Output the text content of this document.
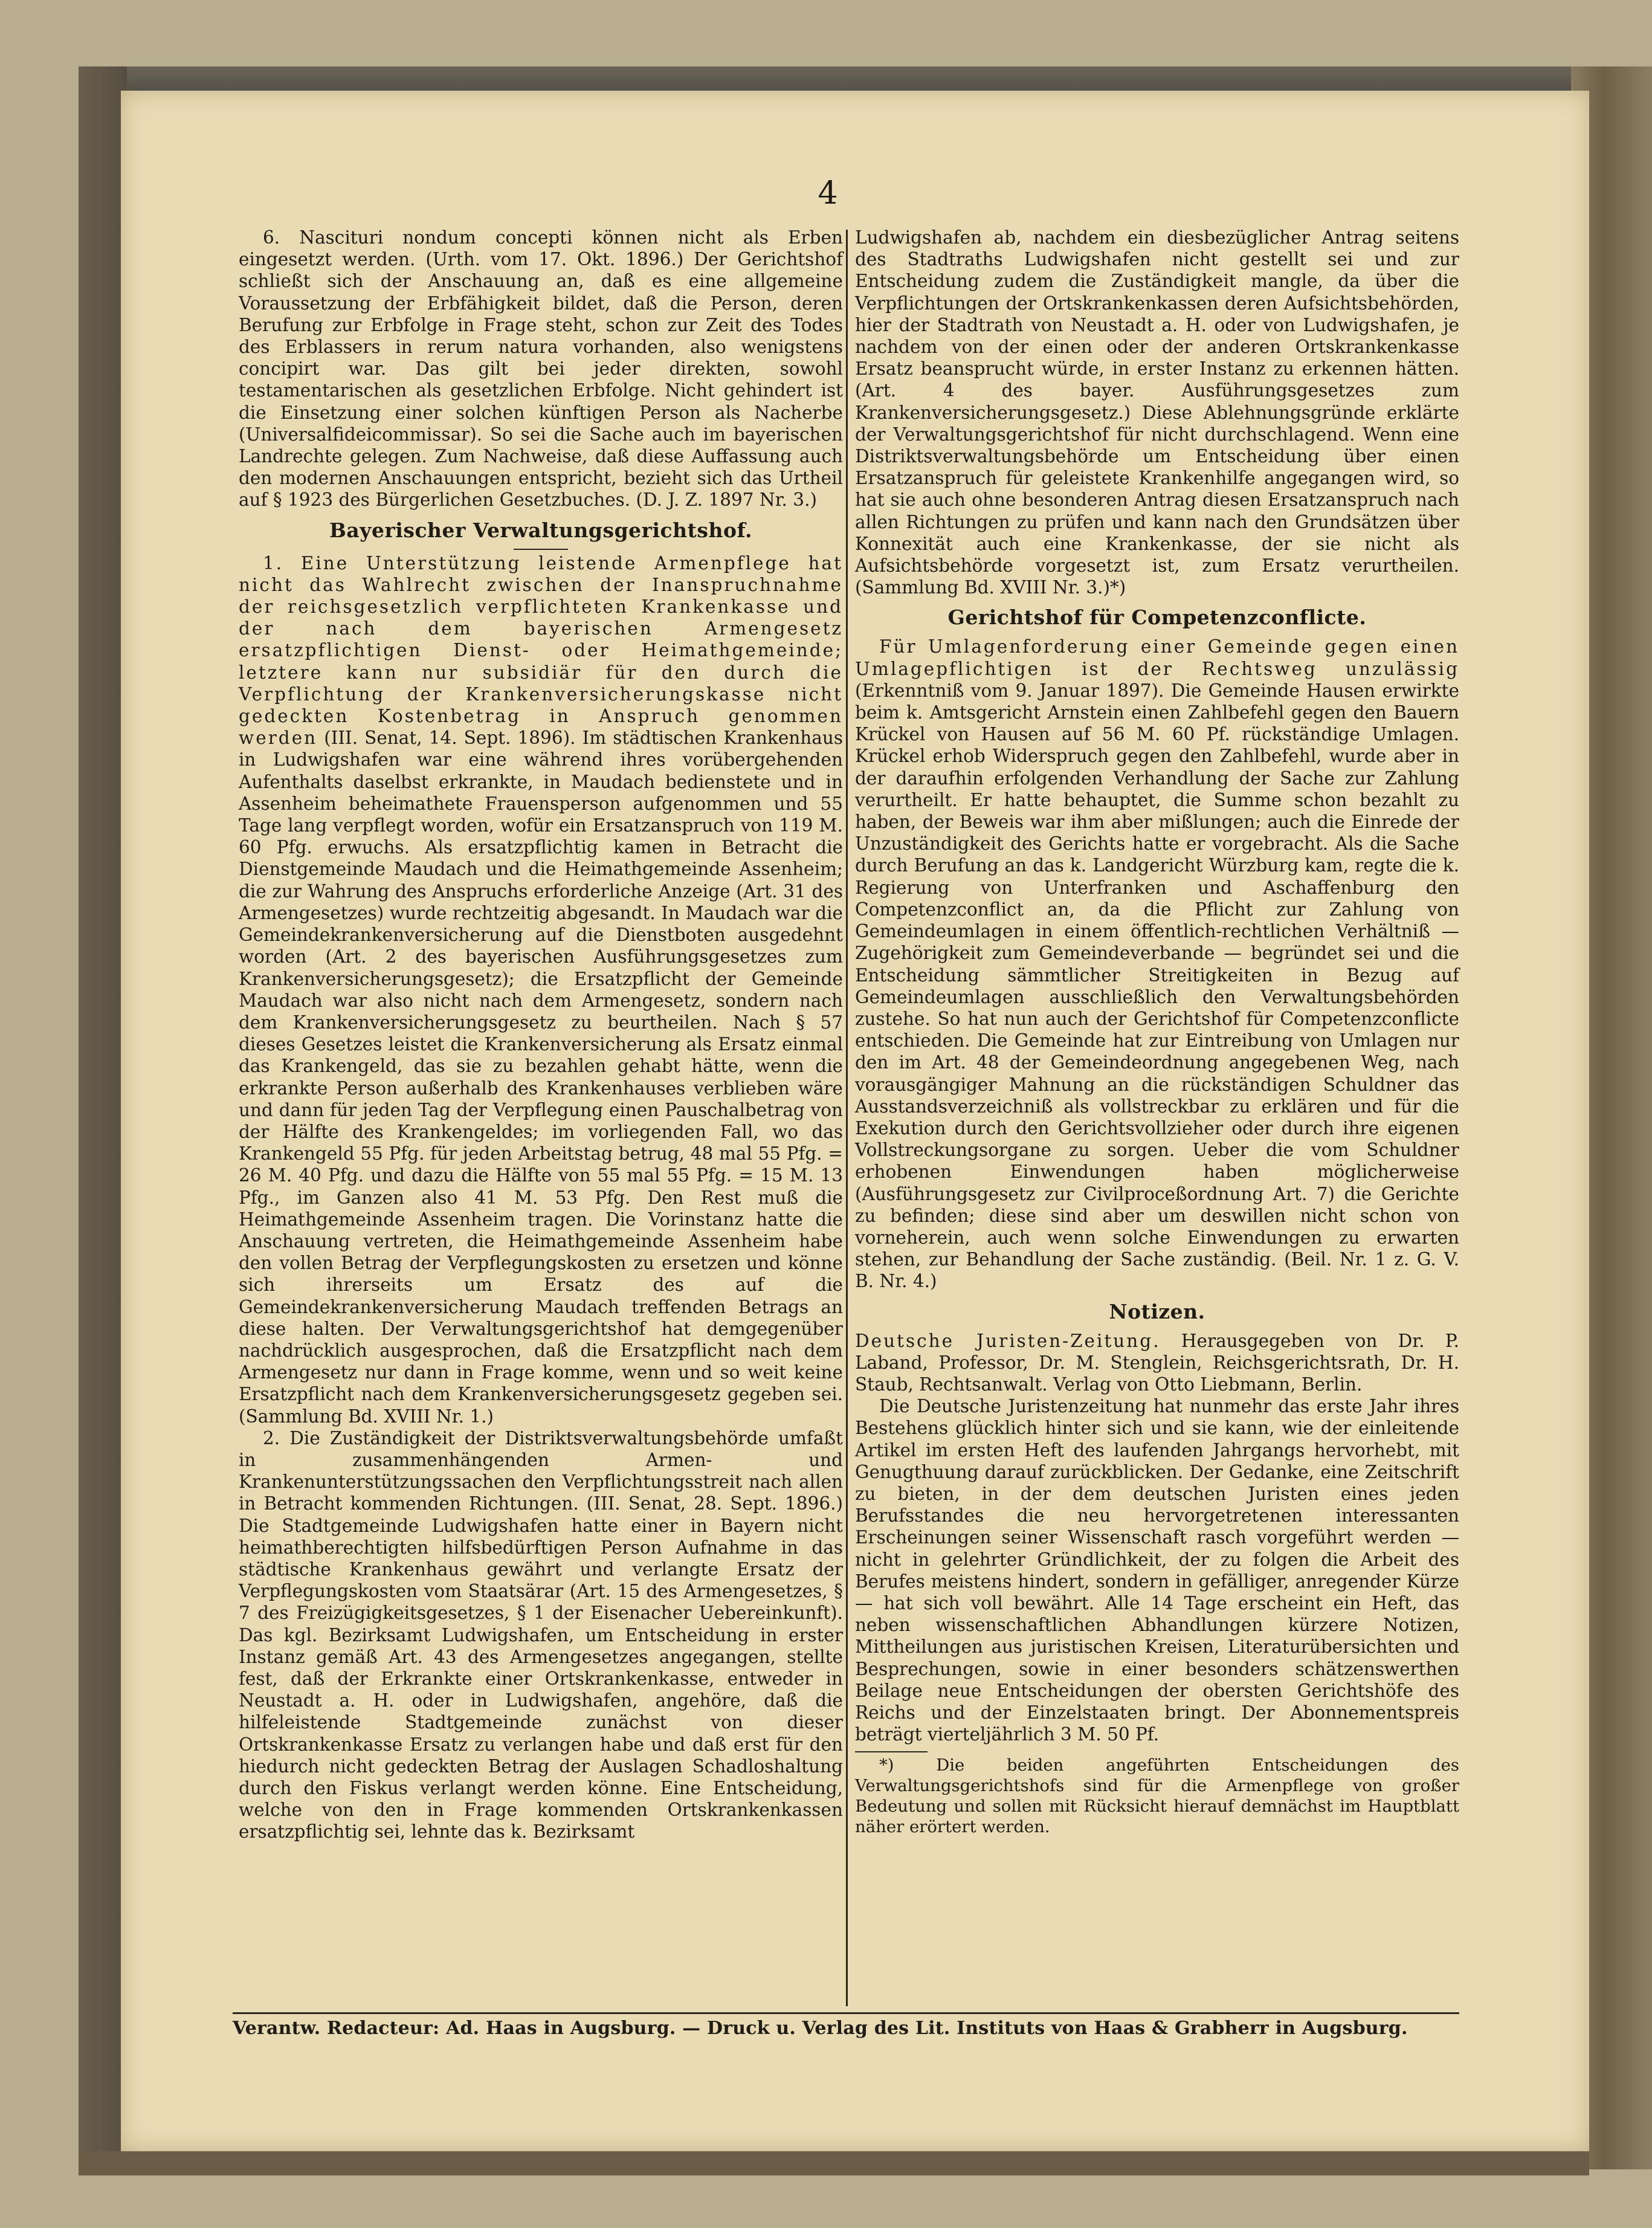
4

6. Nasciturі nondum concepti können nicht als Erben eingesetzt werden. (Urth. vom 17. Okt. 1896.) Der Gerichtshof schließt sich der Anschauung an, daß es eine allgemeine Voraussetzung der Erbfähigkeit bildet, daß die Person, deren Berufung zur Erbfolge in Frage steht, schon zur Zeit des Todes des Erblassers in rerum natura vorhanden, also wenigstens concipirt war. Das gilt bei jeder direkten, sowohl testamentarischen als gesetzlichen Erbfolge. Nicht gehindert ist die Einsetzung einer solchen künftigen Person als Nacherbe (Universalfideicommissar). So sei die Sache auch im bayerischen Landrechte gelegen. Zum Nachweise, daß diese Auffassung auch den modernen Anschauungen entspricht, bezieht sich das Urtheil auf § 1923 des Bürgerlichen Gesetzbuches. (D. J. Z. 1897 Nr. 3.)

Bayerischer Verwaltungsgerichtshof.

1. Eine Unterstützung leistende Armenpflege hat nicht das Wahlrecht zwischen der Inanspruchnahme der reichsgesetzlich verpflichteten Krankenkasse und der nach dem bayerischen Armengesetz ersatzpflichtigen Dienst- oder Heimathgemeinde; letztere kann nur subsidiär für den durch die Verpflichtung der Krankenversicherungskasse nicht gedeckten Kostenbetrag in Anspruch genommen werden (III. Senat, 14. Sept. 1896). Im städtischen Krankenhaus in Ludwigshafen war eine während ihres vorübergehenden Aufenthalts daselbst erkrankte, in Maudach bedienstete und in Assenheim beheimathete Frauensperson aufgenommen und 55 Tage lang verpflegt worden, wofür ein Ersatzanspruch von 119 M. 60 Pfg. erwuchs. Als ersatzpflichtig kamen in Betracht die Dienstgemeinde Maudach und die Heimathgemeinde Assenheim; die zur Wahrung des Anspruchs erforderliche Anzeige (Art. 31 des Armengesetzes) wurde rechtzeitig abgesandt. In Maudach war die Gemeindekrankenversicherung auf die Dienstboten ausgedehnt worden (Art. 2 des bayerischen Ausführungsgesetzes zum Krankenversicherungsgesetz); die Ersatzpflicht der Gemeinde Maudach war also nicht nach dem Armengesetz, sondern nach dem Krankenversicherungsgesetz zu beurtheilen. Nach § 57 dieses Gesetzes leistet die Krankenversicherung als Ersatz einmal das Krankengeld, das sie zu bezahlen gehabt hätte, wenn die erkrankte Person außerhalb des Krankenhauses verblieben wäre und dann für jeden Tag der Verpflegung einen Pauschalbetrag von der Hälfte des Krankengeldes; im vorliegenden Fall, wo das Krankengeld 55 Pfg. für jeden Arbeitstag betrug, 48 mal 55 Pfg. = 26 M. 40 Pfg. und dazu die Hälfte von 55 mal 55 Pfg. = 15 M. 13 Pfg., im Ganzen also 41 M. 53 Pfg. Den Rest muß die Heimathgemeinde Assenheim tragen. Die Vorinstanz hatte die Anschauung vertreten, die Heimathgemeinde Assenheim habe den vollen Betrag der Verpflegungskosten zu ersetzen und könne sich ihrerseits um Ersatz des auf die Gemeindekrankenversicherung Maudach treffenden Betrags an diese halten. Der Verwaltungsgerichtshof hat demgegenüber nachdrücklich ausgesprochen, daß die Ersatzpflicht nach dem Armengesetz nur dann in Frage komme, wenn und so weit keine Ersatzpflicht nach dem Krankenversicherungsgesetz gegeben sei. (Sammlung Bd. XVIII Nr. 1.)

2. Die Zuständigkeit der Distriktsverwaltungsbehörde umfaßt in zusammenhängenden Armen- und Krankenunterstützungssachen den Verpflichtungsstreit nach allen in Betracht kommenden Richtungen. (III. Senat, 28. Sept. 1896.) Die Stadtgemeinde Ludwigshafen hatte einer in Bayern nicht heimathberechtigten hilfsbedürftigen Person Aufnahme in das städtische Krankenhaus gewährt und verlangte Ersatz der Verpflegungskosten vom Staatsärar (Art. 15 des Armengesetzes, § 7 des Freizügigkeitsgesetzes, § 1 der Eisenacher Uebereinkunft). Das kgl. Bezirksamt Ludwigshafen, um Entscheidung in erster Instanz gemäß Art. 43 des Armengesetzes angegangen, stellte fest, daß der Erkrankte einer Ortskrankenkasse, entweder in Neustadt a. H. oder in Ludwigshafen, angehöre, daß die hilfeleistende Stadtgemeinde zunächst von dieser Ortskrankenkasse Ersatz zu verlangen habe und daß erst für den hiedurch nicht gedeckten Betrag der Auslagen Schadloshaltung durch den Fiskus verlangt werden könne. Eine Entscheidung, welche von den in Frage kommenden Ortskrankenkassen ersatzpflichtig sei, lehnte das k. Bezirksamt

Ludwigshafen ab, nachdem ein diesbezüglicher Antrag seitens des Stadtraths Ludwigshafen nicht gestellt sei und zur Entscheidung zudem die Zuständigkeit mangle, da über die Verpflichtungen der Ortskrankenkassen deren Aufsichtsbehörden, hier der Stadtrath von Neustadt a. H. oder von Ludwigshafen, je nachdem von der einen oder der anderen Ortskrankenkasse Ersatz beansprucht würde, in erster Instanz zu erkennen hätten. (Art. 4 des bayer. Ausführungsgesetzes zum Krankenversicherungsgesetz.) Diese Ablehnungsgründe erklärte der Verwaltungsgerichtshof für nicht durchschlagend. Wenn eine Distriktsverwaltungsbehörde um Entscheidung über einen Ersatzanspruch für geleistete Krankenhilfe angegangen wird, so hat sie auch ohne besonderen Antrag diesen Ersatzanspruch nach allen Richtungen zu prüfen und kann nach den Grundsätzen über Konnexität auch eine Krankenkasse, der sie nicht als Aufsichtsbehörde vorgesetzt ist, zum Ersatz verurtheilen. (Sammlung Bd. XVIII Nr. 3.)*)

Gerichtshof für Competenzconflicte.

Für Umlagenforderung einer Gemeinde gegen einen Umlagepflichtigen ist der Rechtsweg unzulässig (Erkenntniß vom 9. Januar 1897). Die Gemeinde Hausen erwirkte beim k. Amtsgericht Arnstein einen Zahlbefehl gegen den Bauern Krückel von Hausen auf 56 M. 60 Pf. rückständige Umlagen. Krückel erhob Widerspruch gegen den Zahlbefehl, wurde aber in der daraufhin erfolgenden Verhandlung der Sache zur Zahlung verurtheilt. Er hatte behauptet, die Summe schon bezahlt zu haben, der Beweis war ihm aber mißlungen; auch die Einrede der Unzuständigkeit des Gerichts hatte er vorgebracht. Als die Sache durch Berufung an das k. Landgericht Würzburg kam, regte die k. Regierung von Unterfranken und Aschaffenburg den Competenzconflict an, da die Pflicht zur Zahlung von Gemeindeumlagen in einem öffentlich-rechtlichen Verhältniß — Zugehörigkeit zum Gemeindeverbande — begründet sei und die Entscheidung sämmtlicher Streitigkeiten in Bezug auf Gemeindeumlagen ausschließlich den Verwaltungsbehörden zustehe. So hat nun auch der Gerichtshof für Competenzconflicte entschieden. Die Gemeinde hat zur Eintreibung von Umlagen nur den im Art. 48 der Gemeindeordnung angegebenen Weg, nach vorausgängiger Mahnung an die rückständigen Schuldner das Ausstandsverzeichniß als vollstreckbar zu erklären und für die Exekution durch den Gerichtsvollzieher oder durch ihre eigenen Vollstreckungsorgane zu sorgen. Ueber die vom Schuldner erhobenen Einwendungen haben möglicherweise (Ausführungsgesetz zur Civilproceßordnung Art. 7) die Gerichte zu befinden; diese sind aber um deswillen nicht schon von vorneherein, auch wenn solche Einwendungen zu erwarten stehen, zur Behandlung der Sache zuständig. (Beil. Nr. 1 z. G. V. B. Nr. 4.)

Notizen.

Deutsche Juristen-Zeitung. Herausgegeben von Dr. P. Laband, Professor, Dr. M. Stenglein, Reichsgerichtsrath, Dr. H. Staub, Rechtsanwalt. Verlag von Otto Liebmann, Berlin.

Die Deutsche Juristenzeitung hat nunmehr das erste Jahr ihres Bestehens glücklich hinter sich und sie kann, wie der einleitende Artikel im ersten Heft des laufenden Jahrgangs hervorhebt, mit Genugthuung darauf zurückblicken. Der Gedanke, eine Zeitschrift zu bieten, in der dem deutschen Juristen eines jeden Berufsstandes die neu hervorgetretenen interessanten Erscheinungen seiner Wissenschaft rasch vorgeführt werden — nicht in gelehrter Gründlichkeit, der zu folgen die Arbeit des Berufes meistens hindert, sondern in gefälliger, anregender Kürze — hat sich voll bewährt. Alle 14 Tage erscheint ein Heft, das neben wissenschaftlichen Abhandlungen kürzere Notizen, Mittheilungen aus juristischen Kreisen, Literaturübersichten und Besprechungen, sowie in einer besonders schätzenswerthen Beilage neue Entscheidungen der obersten Gerichtshöfe des Reichs und der Einzelstaaten bringt. Der Abonnementspreis beträgt vierteljährlich 3 M. 50 Pf.

*) Die beiden angeführten Entscheidungen des Verwaltungsgerichtshofs sind für die Armenpflege von großer Bedeutung und sollen mit Rücksicht hierauf demnächst im Hauptblatt näher erörtert werden.

Verantw. Redacteur: Ad. Haas in Augsburg. — Druck u. Verlag des Lit. Instituts von Haas & Grabherr in Augsburg.
